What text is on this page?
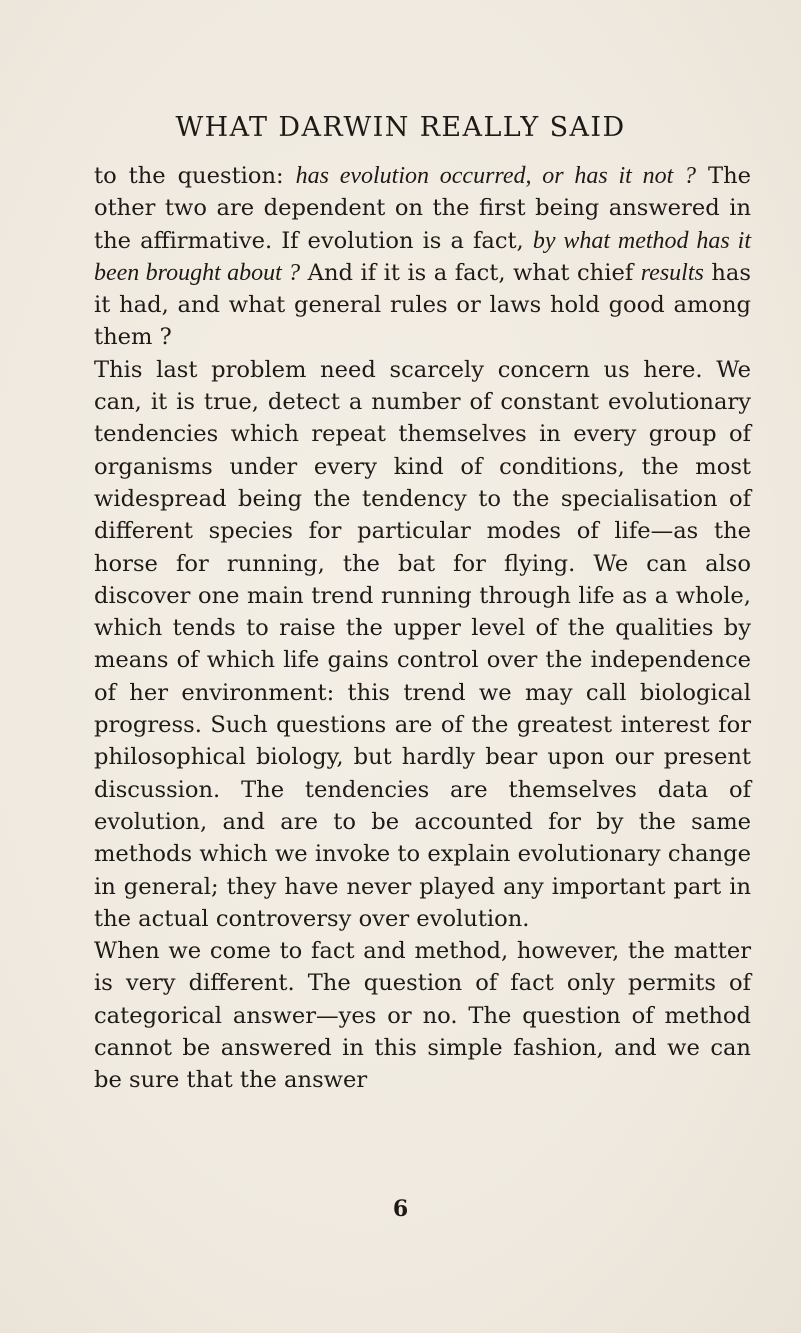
WHAT DARWIN REALLY SAID

to the question: has evolution occurred, or has it not ? The other two are dependent on the first being answered in the affirmative. If evolution is a fact, by what method has it been brought about ? And if it is a fact, what chief results has it had, and what general rules or laws hold good among them ?

This last problem need scarcely concern us here. We can, it is true, detect a number of constant evolutionary tendencies which repeat themselves in every group of organisms under every kind of conditions, the most widespread being the tendency to the specialisation of different species for particular modes of life—as the horse for running, the bat for flying. We can also discover one main trend running through life as a whole, which tends to raise the upper level of the qualities by means of which life gains control over the independence of her environment: this trend we may call biological progress. Such questions are of the greatest interest for philosophical biology, but hardly bear upon our present discussion. The tendencies are themselves data of evolution, and are to be accounted for by the same methods which we invoke to explain evolutionary change in general; they have never played any important part in the actual controversy over evolution.

When we come to fact and method, however, the matter is very different. The question of fact only permits of categorical answer—yes or no. The question of method cannot be answered in this simple fashion, and we can be sure that the answer

6
